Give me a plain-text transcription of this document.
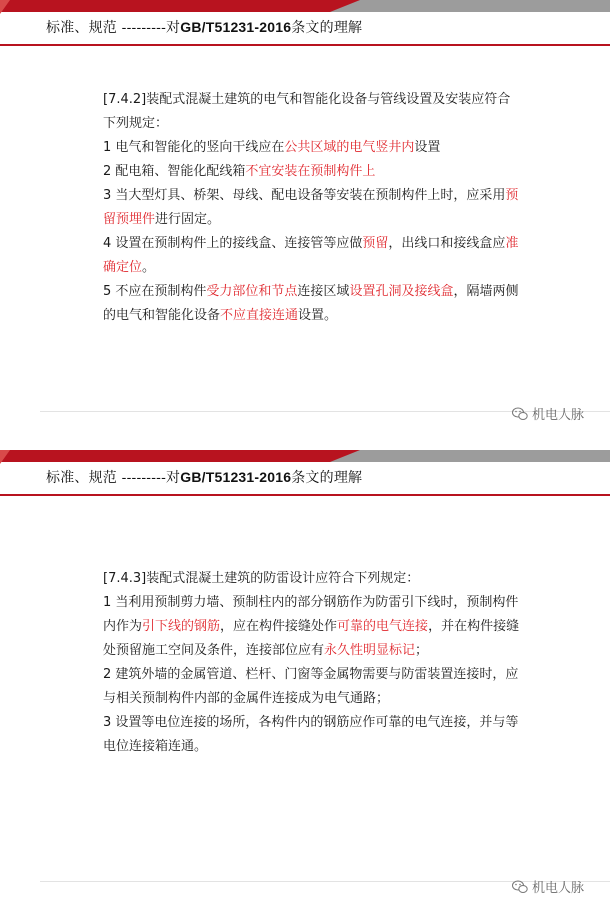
标准、规范 ---------对GB/T51231-2016条文的理解

[7.4.2]装配式混凝土建筑的电气和智能化设备与管线设置及安装应符合下列规定：

1 电气和智能化的竖向干线应在公共区域的电气竖井内设置

2 配电箱、智能化配线箱不宜安装在预制构件上

3 当大型灯具、桥架、母线、配电设备等安装在预制构件上时，应采用预留预埋件进行固定。

4 设置在预制构件上的接线盒、连接管等应做预留，出线口和接线盒应准确定位。

5 不应在预制构件受力部位和节点连接区域设置孔洞及接线盒，隔墙两侧的电气和智能化设备不应直接连通设置。

机电人脉
标准、规范 ---------对GB/T51231-2016条文的理解

[7.4.3]装配式混凝土建筑的防雷设计应符合下列规定：

1 当利用预制剪力墙、预制柱内的部分钢筋作为防雷引下线时，预制构件内作为引下线的钢筋，应在构件接缝处作可靠的电气连接，并在构件接缝处预留施工空间及条件，连接部位应有永久性明显标记；

2 建筑外墙的金属管道、栏杆、门窗等金属物需要与防雷装置连接时，应与相关预制构件内部的金属件连接成为电气通路；

3 设置等电位连接的场所，各构件内的钢筋应作可靠的电气连接，并与等电位连接箱连通。

机电人脉
